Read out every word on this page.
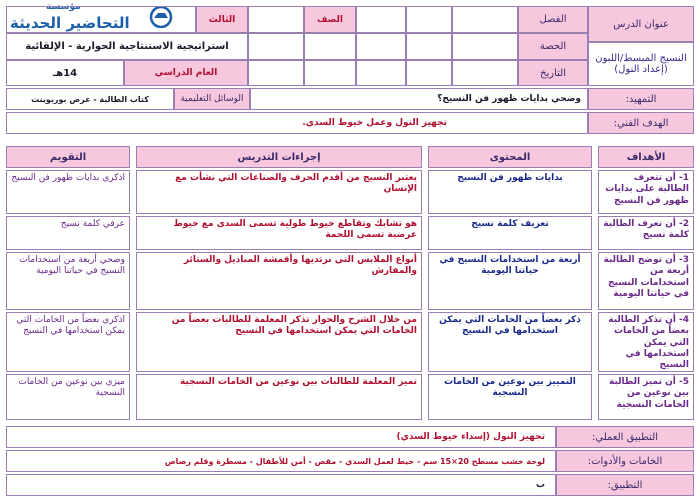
مؤسسة
التحاضير الحديثة	عنوان الدرس
النسيج المبسط/اللبون (إعداد النول)
الفصل
الحصة
التاريخ
الصف
الثالث
استراتيجية الاستنتاجية الحوارية - الإلقائية
العام الدراسي
14هـ
التمهيد:
وضحي بدايات ظهور فن النسيج؟
الوسائل التعليمية
كتاب الطالبة - عرض بوربوينت
الهدف الفني:
تجهيز النول وعمل خيوط السدي.
الأهداف
المحتوى
إجراءات التدريس
التقويم
1- أن تتعرف الطالبة على بدايات ظهور فن النسيج
بدايات ظهور فن النسيج
يعتبر النسيج من أقدم الحرف والصناعات التي نشأت مع الإنسان
اذكري بدايات ظهور فن النسيج
2- أن تعرف الطالبة كلمة نسيج
تعريف كلمة نسيج
هو تشابك وتقاطع خيوط طولية تسمى السدى مع خيوط عرضية تسمى اللحمة
عرفي كلمة نسيج
3- أن توضح الطالبة أربعة من استخدامات النسيج في حياتنا اليومية
أربعة من استخدامات النسيج في حياتنا اليومية
أنواع الملابس التي نرتديها وأقمشة المناديل والستائر والمفارش
وضحي أربعة من استخدامات النسيج في حياتنا اليومية
4- أن تذكر الطالبة بعضاً من الخامات التي يمكن استخدامها في النسيج
ذكر بعضاً من الخامات التي يمكن استخدامها في النسيج
من خلال الشرح والحوار تذكر المعلمة للطالبات بعضاً من الخامات التي يمكن استخدامها في النسيج
اذكري بعضاً من الخامات التي يمكن استخدامها في النسيج
5- أن تميز الطالبة بين نوعين من الخامات النسجية
التمييز بين نوعين من الخامات النسجية
تميز المعلمة للطالبات بين نوعين من الخامات النسجية
ميزي بين نوعين من الخامات النسجية
التطبيق العملي:
تجهيز النول (إسداء خيوط السدي)
الخامات والأدوات:
لوحة خشب مسطح 20×15 سم - خيط لعمل السدي - مقص - أمن للأطفال - مسطرة وقلم رصاص
التطبيق:
ب
